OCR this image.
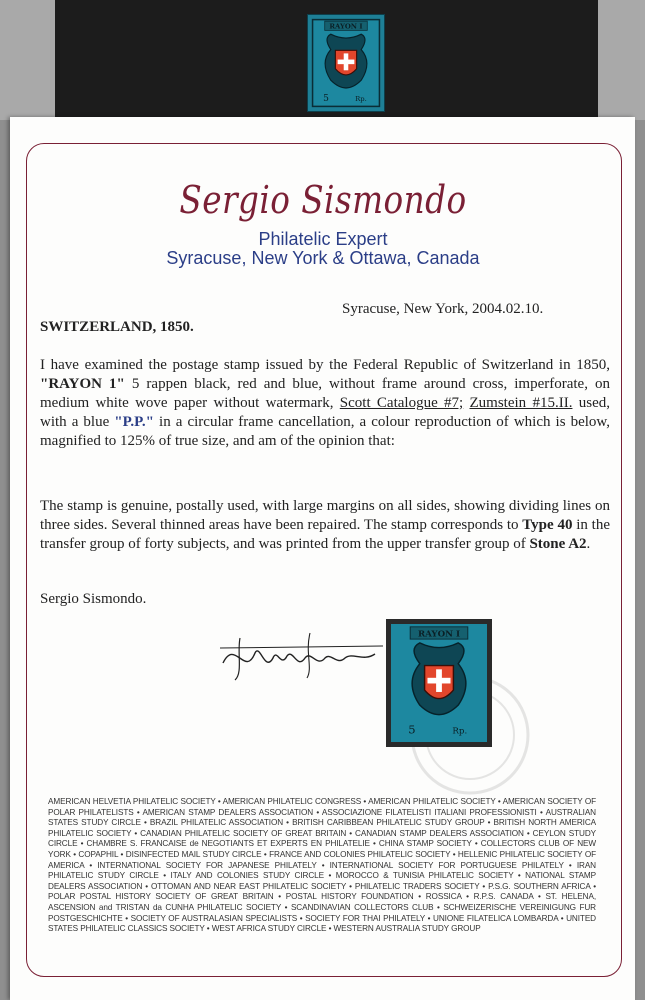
RAYON I
5	Rp.
Sergio Sismondo
Philatelic Expert
Syracuse, New York & Ottawa, Canada
Syracuse, New York, 2004.02.10.
SWITZERLAND, 1850.
I have examined the postage stamp issued by the Federal Republic of Switzerland in 1850, "RAYON 1" 5 rappen black, red and blue, without frame around cross, imperforate, on medium white wove paper without watermark, Scott Catalogue #7; Zumstein #15.II. used, with a blue "P.P." in a circular frame cancellation, a colour reproduction of which is below, magnified to 125% of true size, and am of the opinion that:
The stamp is genuine, postally used, with large margins on all sides, showing dividing lines on three sides. Several thinned areas have been repaired. The stamp corresponds to Type 40 in the transfer group of forty subjects, and was printed from the upper transfer group of Stone A2.
Sergio Sismondo.
RAYON I
5	Rp.
AMERICAN HELVETIA PHILATELIC SOCIETY • AMERICAN PHILATELIC CONGRESS • AMERICAN PHILATELIC SOCIETY • AMERICAN SOCIETY OF POLAR PHILATELISTS • AMERICAN STAMP DEALERS ASSOCIATION • ASSOCIAZIONE FILATELISTI ITALIANI PROFESSIONISTI • AUSTRALIAN STATES STUDY CIRCLE • BRAZIL PHILATELIC ASSOCIATION • BRITISH CARIBBEAN PHILATELIC STUDY GROUP • BRITISH NORTH AMERICA PHILATELIC SOCIETY • CANADIAN PHILATELIC SOCIETY OF GREAT BRITAIN • CANADIAN STAMP DEALERS ASSOCIATION • CEYLON STUDY CIRCLE • CHAMBRE S. FRANCAISE de NEGOTIANTS ET EXPERTS EN PHILATELIE • CHINA STAMP SOCIETY • COLLECTORS CLUB OF NEW YORK • COPAPHIL • DISINFECTED MAIL STUDY CIRCLE • FRANCE AND COLONIES PHILATELIC SOCIETY • HELLENIC PHILATELIC SOCIETY OF AMERICA • INTERNATIONAL SOCIETY FOR JAPANESE PHILATELY • INTERNATIONAL SOCIETY FOR PORTUGUESE PHILATELY • IRAN PHILATELIC STUDY CIRCLE • ITALY AND COLONIES STUDY CIRCLE • MOROCCO & TUNISIA PHILATELIC SOCIETY • NATIONAL STAMP DEALERS ASSOCIATION • OTTOMAN AND NEAR EAST PHILATELIC SOCIETY • PHILATELIC TRADERS SOCIETY • P.S.G. SOUTHERN AFRICA • POLAR POSTAL HISTORY SOCIETY OF GREAT BRITAIN • POSTAL HISTORY FOUNDATION • ROSSICA • R.P.S. CANADA • ST. HELENA, ASCENSION and TRISTAN da CUNHA PHILATELIC SOCIETY • SCANDINAVIAN COLLECTORS CLUB • SCHWEIZERISCHE VEREINIGUNG FUR POSTGESCHICHTE • SOCIETY OF AUSTRALASIAN SPECIALISTS • SOCIETY FOR THAI PHILATELY • UNIONE FILATELICA LOMBARDA • UNITED STATES PHILATELIC CLASSICS SOCIETY • WEST AFRICA STUDY CIRCLE • WESTERN AUSTRALIA STUDY GROUP
